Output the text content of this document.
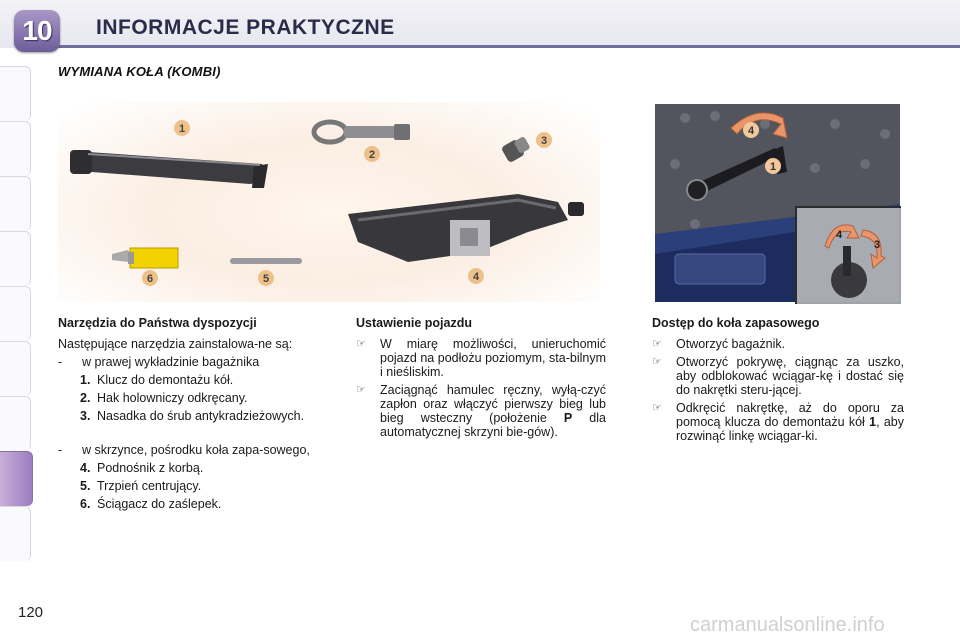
10	INFORMACJE PRAKTYCZNE
WYMIANA KOŁA (KOMBI)
1
2
3
4
5
6
4
1
4
3
Narzędzia do Państwa dyspozycji

Następujące narzędzia zainstalowa-ne są:

-	w prawej wykładzinie bagażnika
1. Klucz do demontażu kół.
2. Hak holowniczy odkręcany.
3. Nasadka do śrub antykradzieżowych.
-	w skrzynce, pośrodku koła zapa-sowego,
4. Podnośnik z korbą.
5. Trzpień centrujący.
6. Ściągacz do zaślepek.
Ustawienie pojazdu
☞	W miarę możliwości, unieruchomić pojazd na podłożu poziomym, sta-bilnym i nieśliskim.
☞	Zaciągnąć hamulec ręczny, wyłą-czyć zapłon oraz włączyć pierwszy bieg lub bieg wsteczny (położenie P dla automatycznej skrzyni bie-gów).
Dostęp do koła zapasowego
☞	Otworzyć bagażnik.
☞	Otworzyć pokrywę, ciągnąc za uszko, aby odblokować wciągar-kę i dostać się do nakrętki steru-jącej.
☞	Odkręcić nakrętkę, aż do oporu za pomocą klucza do demontażu kół 1, aby rozwinąć linkę wciągar-ki.
120
carmanualsonline.info
